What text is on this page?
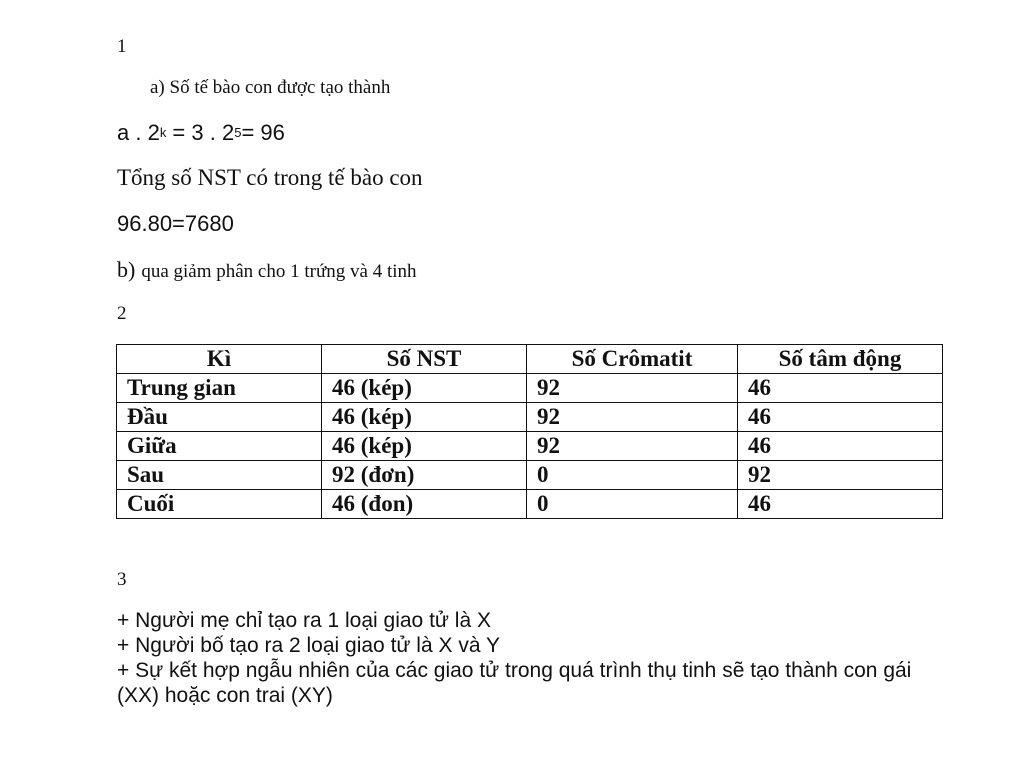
1
a) Số tế bào con được tạo thành
a . $2^k = 3$ . $2^5= 96$
Tổng số NST có trong tế bào con
96.80=7680
b) qua giảm phân cho 1 trứng và 4 tinh
2
Kì	Số NST	Số Crômatit	Số tâm động
Trung gian	46 (kép)	92	46
Đầu	46 (kép)	92	46
Giữa	46 (kép)	92	46
Sau	92 (đơn)	0	92
Cuối	46 (đon)	0	46
3
+ Người mẹ chỉ tạo ra 1 loại giao tử là X
+ Người bố tạo ra 2 loại giao tử là X và Y
+ Sự kết hợp ngẫu nhiên của các giao tử trong quá trình thụ tinh sẽ tạo thành con gái (XX) hoặc con trai (XY)
